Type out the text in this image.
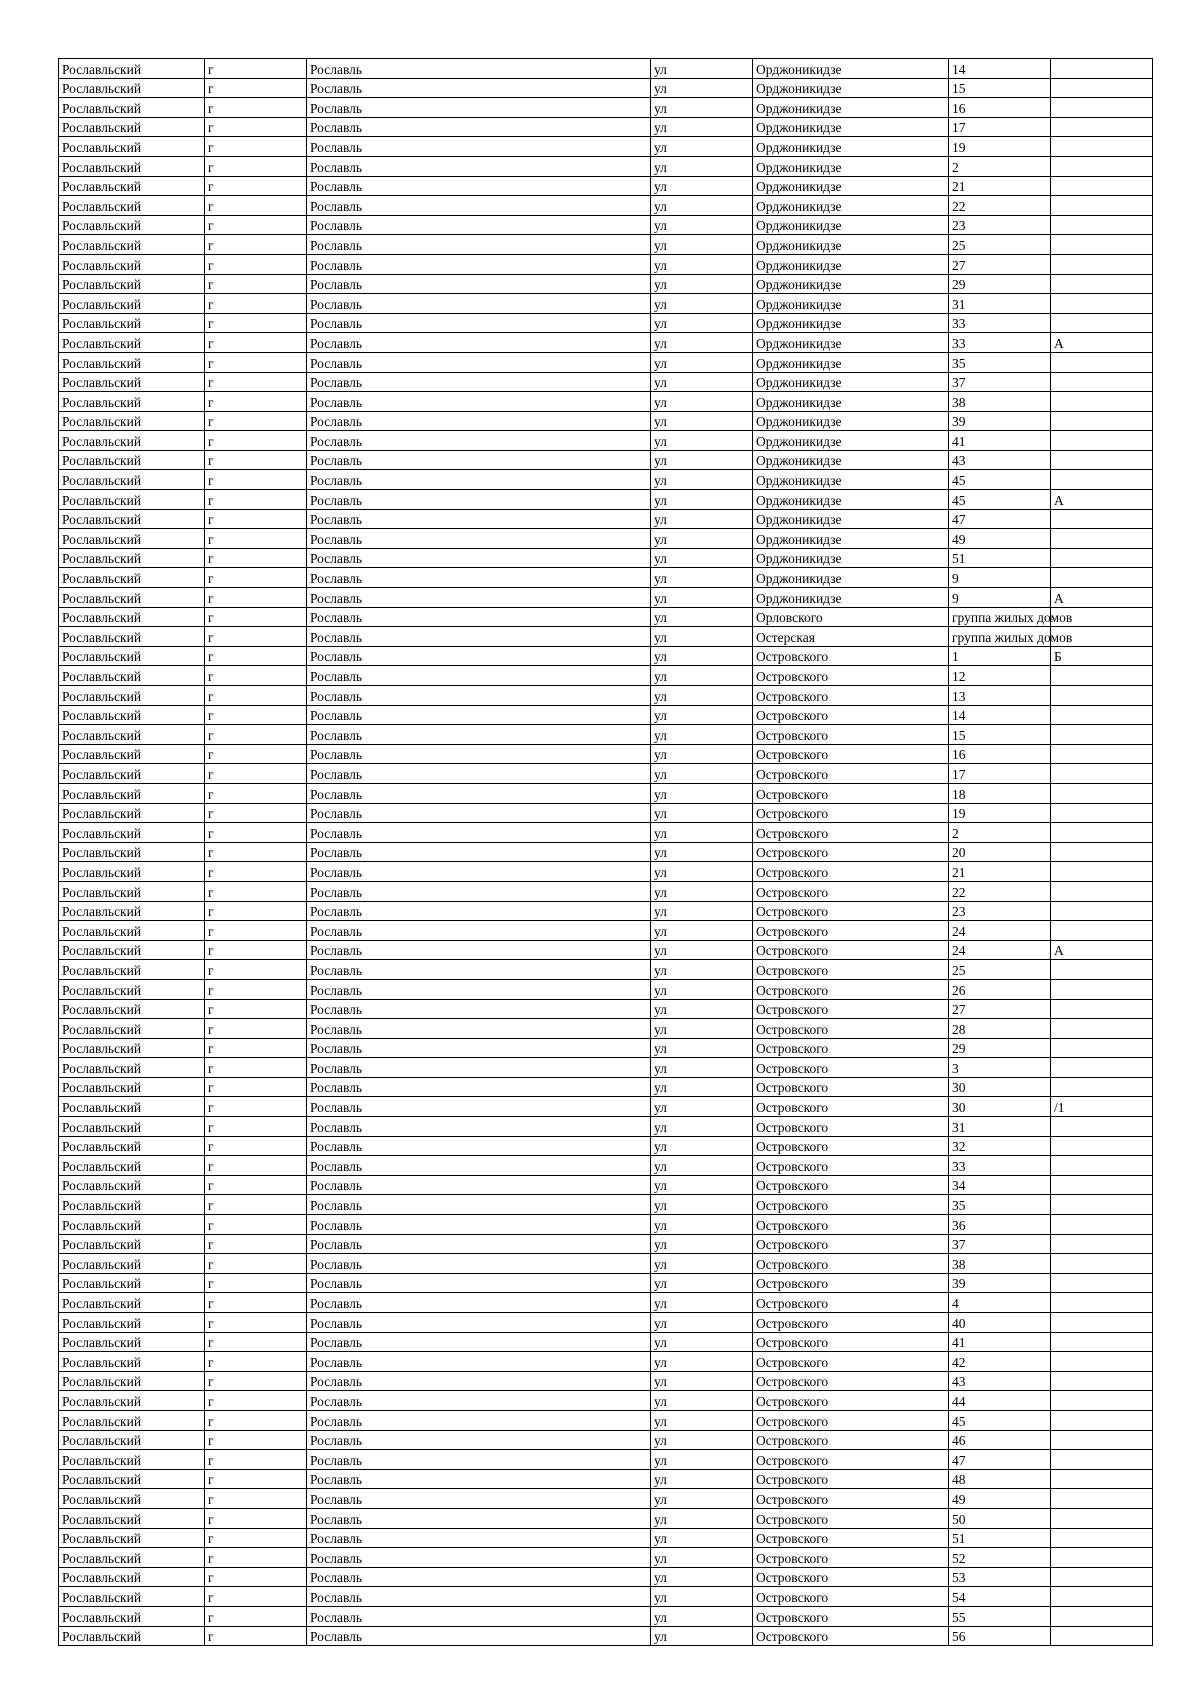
Рославльский	г	Рославль	ул	Орджоникидзе	14	
Рославльский	г	Рославль	ул	Орджоникидзе	15	
Рославльский	г	Рославль	ул	Орджоникидзе	16	
Рославльский	г	Рославль	ул	Орджоникидзе	17	
Рославльский	г	Рославль	ул	Орджоникидзе	19	
Рославльский	г	Рославль	ул	Орджоникидзе	2	
Рославльский	г	Рославль	ул	Орджоникидзе	21	
Рославльский	г	Рославль	ул	Орджоникидзе	22	
Рославльский	г	Рославль	ул	Орджоникидзе	23	
Рославльский	г	Рославль	ул	Орджоникидзе	25	
Рославльский	г	Рославль	ул	Орджоникидзе	27	
Рославльский	г	Рославль	ул	Орджоникидзе	29	
Рославльский	г	Рославль	ул	Орджоникидзе	31	
Рославльский	г	Рославль	ул	Орджоникидзе	33	
Рославльский	г	Рославль	ул	Орджоникидзе	33	А
Рославльский	г	Рославль	ул	Орджоникидзе	35	
Рославльский	г	Рославль	ул	Орджоникидзе	37	
Рославльский	г	Рославль	ул	Орджоникидзе	38	
Рославльский	г	Рославль	ул	Орджоникидзе	39	
Рославльский	г	Рославль	ул	Орджоникидзе	41	
Рославльский	г	Рославль	ул	Орджоникидзе	43	
Рославльский	г	Рославль	ул	Орджоникидзе	45	
Рославльский	г	Рославль	ул	Орджоникидзе	45	А
Рославльский	г	Рославль	ул	Орджоникидзе	47	
Рославльский	г	Рославль	ул	Орджоникидзе	49	
Рославльский	г	Рославль	ул	Орджоникидзе	51	
Рославльский	г	Рославль	ул	Орджоникидзе	9	
Рославльский	г	Рославль	ул	Орджоникидзе	9	А
Рославльский	г	Рославль	ул	Орловского	группа жилых домов	
Рославльский	г	Рославль	ул	Остерская	группа жилых домов	
Рославльский	г	Рославль	ул	Островского	1	Б
Рославльский	г	Рославль	ул	Островского	12	
Рославльский	г	Рославль	ул	Островского	13	
Рославльский	г	Рославль	ул	Островского	14	
Рославльский	г	Рославль	ул	Островского	15	
Рославльский	г	Рославль	ул	Островского	16	
Рославльский	г	Рославль	ул	Островского	17	
Рославльский	г	Рославль	ул	Островского	18	
Рославльский	г	Рославль	ул	Островского	19	
Рославльский	г	Рославль	ул	Островского	2	
Рославльский	г	Рославль	ул	Островского	20	
Рославльский	г	Рославль	ул	Островского	21	
Рославльский	г	Рославль	ул	Островского	22	
Рославльский	г	Рославль	ул	Островского	23	
Рославльский	г	Рославль	ул	Островского	24	
Рославльский	г	Рославль	ул	Островского	24	А
Рославльский	г	Рославль	ул	Островского	25	
Рославльский	г	Рославль	ул	Островского	26	
Рославльский	г	Рославль	ул	Островского	27	
Рославльский	г	Рославль	ул	Островского	28	
Рославльский	г	Рославль	ул	Островского	29	
Рославльский	г	Рославль	ул	Островского	3	
Рославльский	г	Рославль	ул	Островского	30	
Рославльский	г	Рославль	ул	Островского	30	/1
Рославльский	г	Рославль	ул	Островского	31	
Рославльский	г	Рославль	ул	Островского	32	
Рославльский	г	Рославль	ул	Островского	33	
Рославльский	г	Рославль	ул	Островского	34	
Рославльский	г	Рославль	ул	Островского	35	
Рославльский	г	Рославль	ул	Островского	36	
Рославльский	г	Рославль	ул	Островского	37	
Рославльский	г	Рославль	ул	Островского	38	
Рославльский	г	Рославль	ул	Островского	39	
Рославльский	г	Рославль	ул	Островского	4	
Рославльский	г	Рославль	ул	Островского	40	
Рославльский	г	Рославль	ул	Островского	41	
Рославльский	г	Рославль	ул	Островского	42	
Рославльский	г	Рославль	ул	Островского	43	
Рославльский	г	Рославль	ул	Островского	44	
Рославльский	г	Рославль	ул	Островского	45	
Рославльский	г	Рославль	ул	Островского	46	
Рославльский	г	Рославль	ул	Островского	47	
Рославльский	г	Рославль	ул	Островского	48	
Рославльский	г	Рославль	ул	Островского	49	
Рославльский	г	Рославль	ул	Островского	50	
Рославльский	г	Рославль	ул	Островского	51	
Рославльский	г	Рославль	ул	Островского	52	
Рославльский	г	Рославль	ул	Островского	53	
Рославльский	г	Рославль	ул	Островского	54	
Рославльский	г	Рославль	ул	Островского	55	
Рославльский	г	Рославль	ул	Островского	56	
